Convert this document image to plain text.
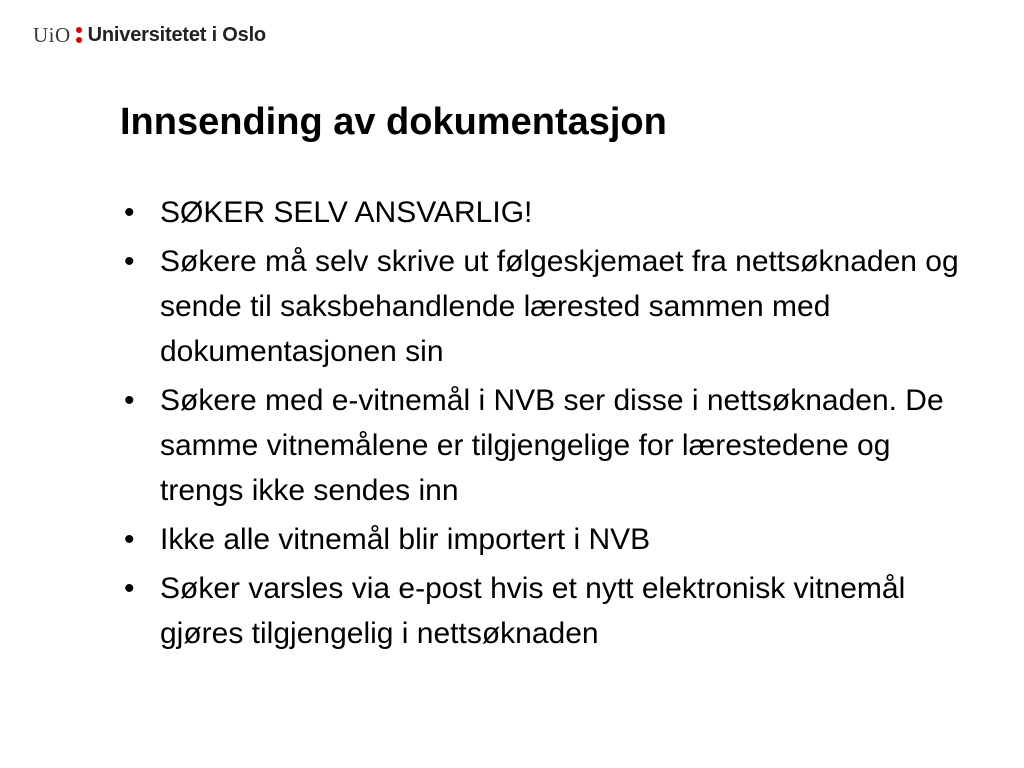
UiO Universitetet i Oslo
Innsending av dokumentasjon
• SØKER SELV ANSVARLIG!
• Søkere må selv skrive ut følgeskjemaet fra nettsøknaden og sende til saksbehandlende lærested sammen med dokumentasjonen sin
• Søkere med e-vitnemål i NVB ser disse i nettsøknaden. De samme vitnemålene er tilgjengelige for lærestedene og trengs ikke sendes inn
• Ikke alle vitnemål blir importert i NVB
• Søker varsles via e-post hvis et nytt elektronisk vitnemål gjøres tilgjengelig i nettsøknaden
